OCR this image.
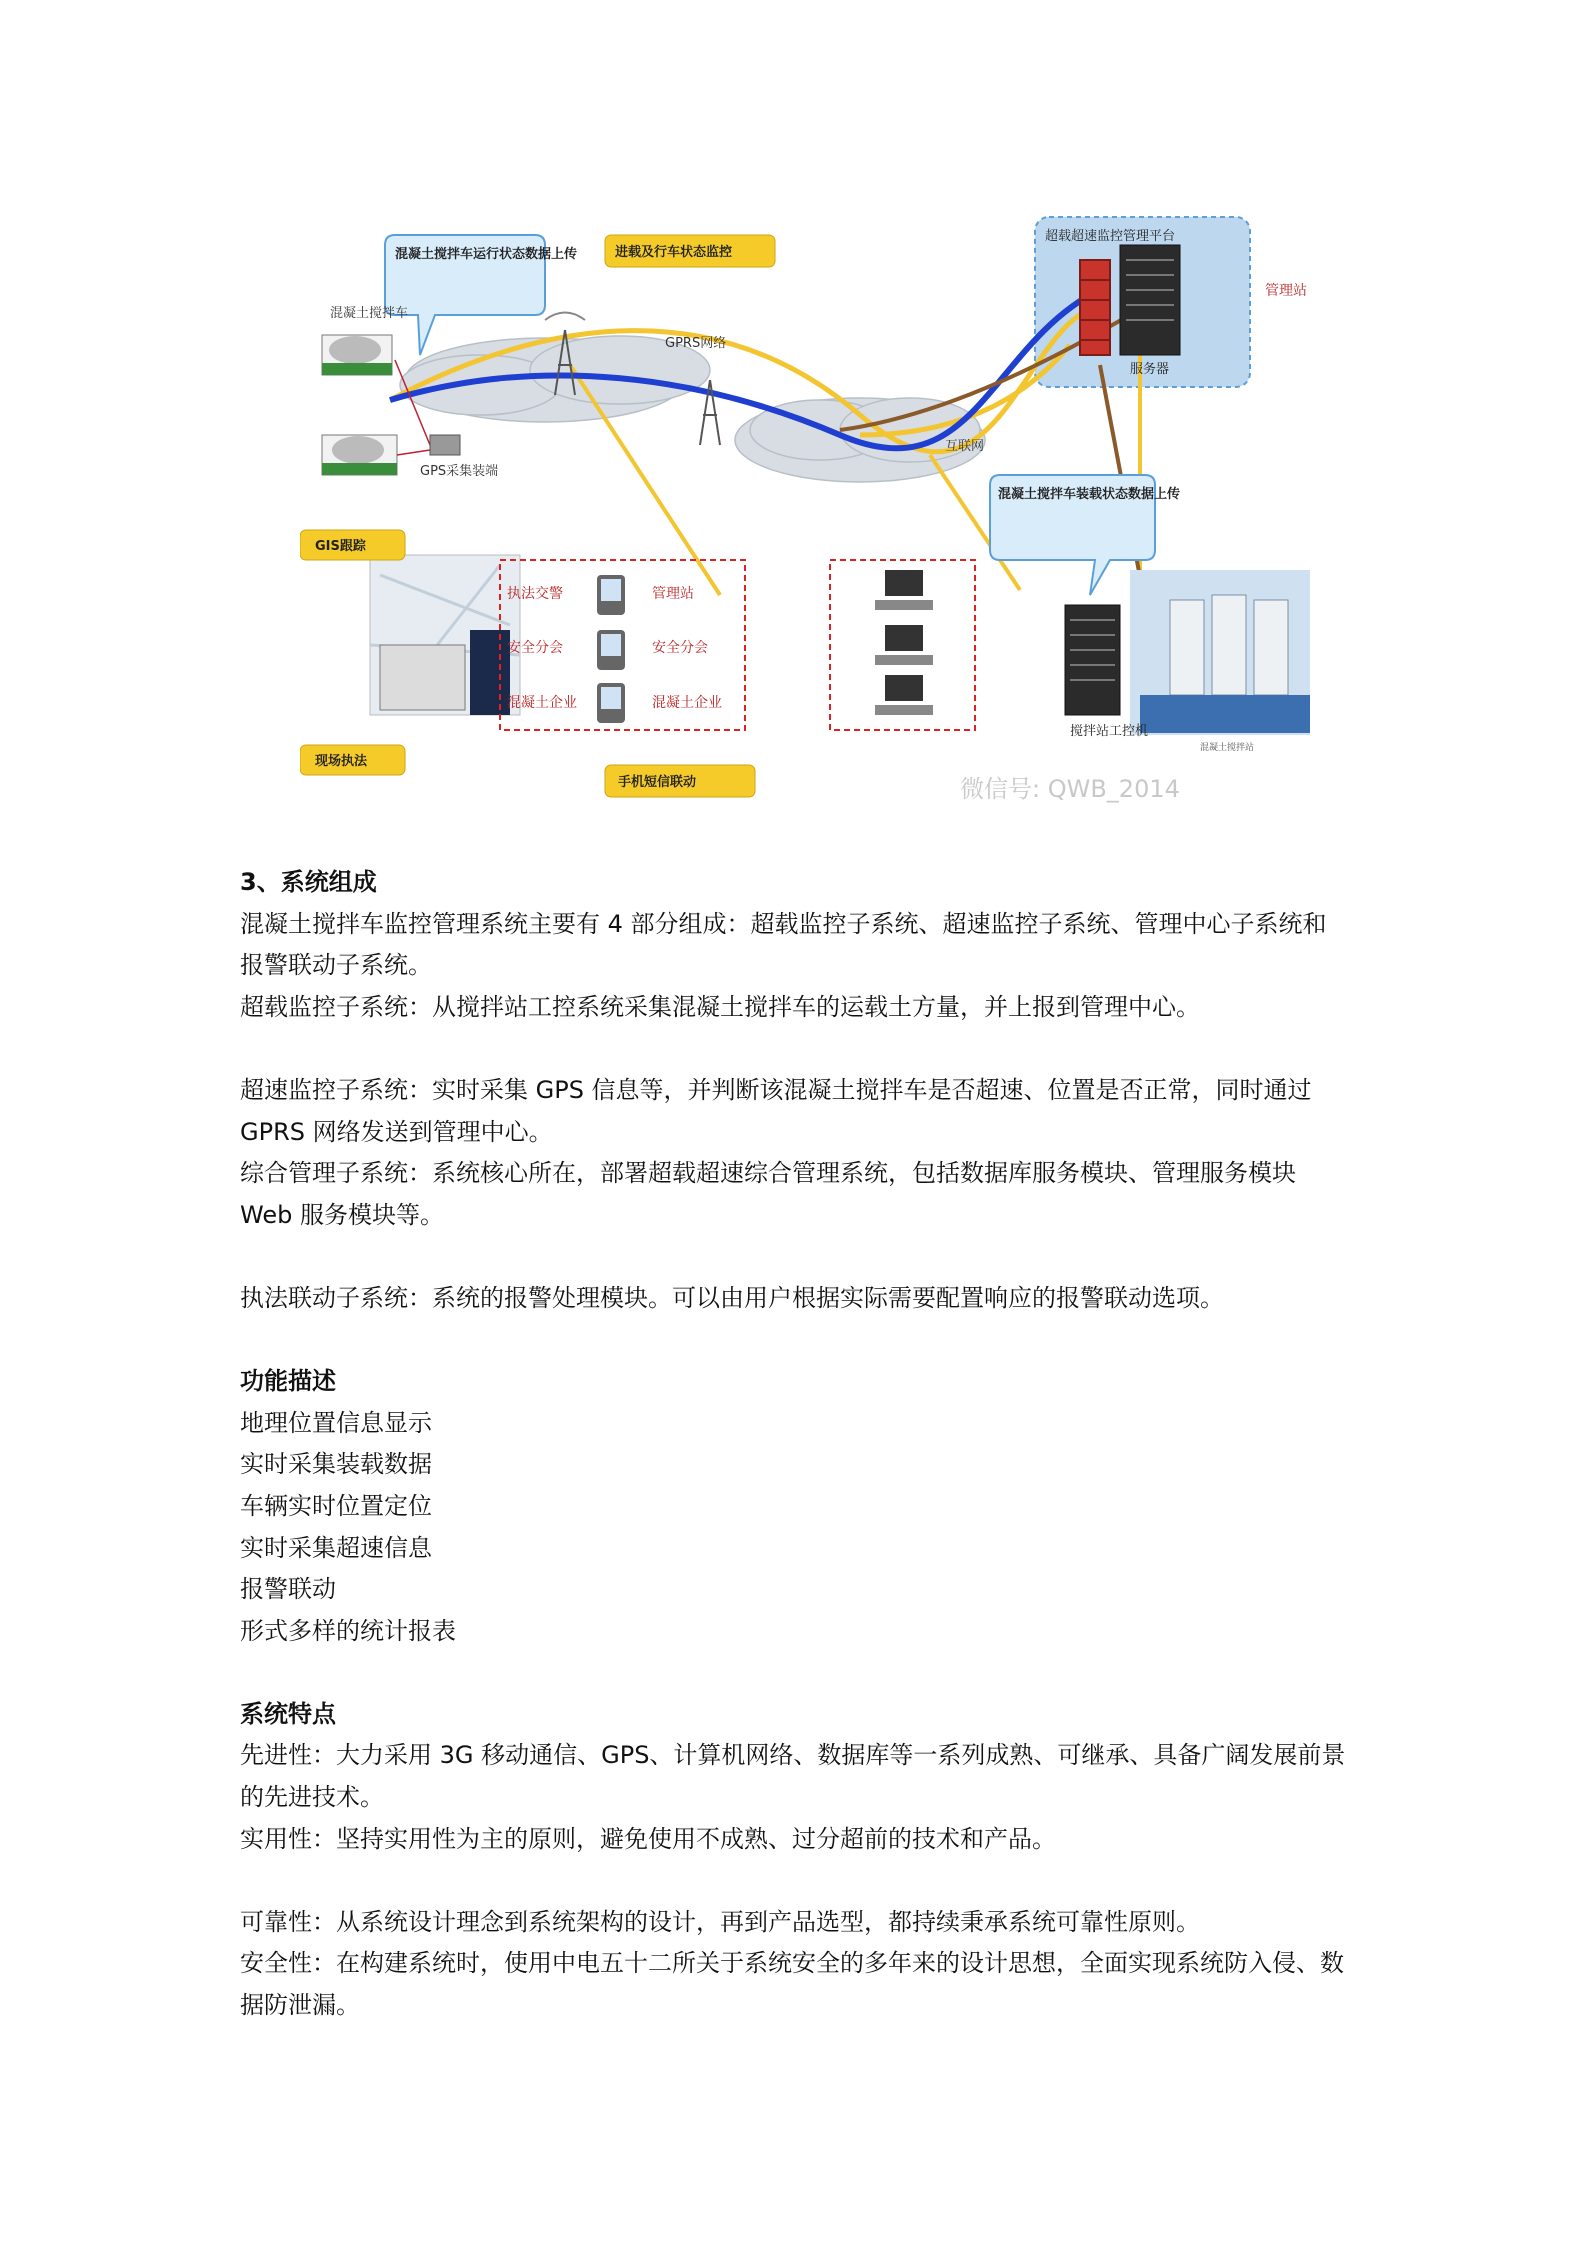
执法交警
安全分会
混凝土企业
管理站
安全分会
混凝土企业
混凝土搅拌车运行状态数据上传	进载及行车状态监控
GIS跟踪
现场执法
手机短信联动
混凝土搅拌车装载状态数据上传
混凝土搅拌车
GPS采集装端
GPRS网络
互联网
超载超速监控管理平台
服务器
管理站
搅拌站工控机
混凝土搅拌站
微信号: QWB_2014

3、系统组成

混凝土搅拌车监控管理系统主要有 4 部分组成：超载监控子系统、超速监控子系统、管理中心子系统和报警联动子系统。

超载监控子系统：从搅拌站工控系统采集混凝土搅拌车的运载土方量，并上报到管理中心。

超速监控子系统：实时采集 GPS 信息等，并判断该混凝土搅拌车是否超速、位置是否正常，同时通过 GPRS 网络发送到管理中心。

综合管理子系统：系统核心所在，部署超载超速综合管理系统，包括数据库服务模块、管理服务模块 Web 服务模块等。

执法联动子系统：系统的报警处理模块。可以由用户根据实际需要配置响应的报警联动选项。

功能描述

地理位置信息显示

实时采集装载数据

车辆实时位置定位

实时采集超速信息

报警联动

形式多样的统计报表

系统特点

先进性：大力采用 3G 移动通信、GPS、计算机网络、数据库等一系列成熟、可继承、具备广阔发展前景的先进技术。

实用性：坚持实用性为主的原则，避免使用不成熟、过分超前的技术和产品。

可靠性：从系统设计理念到系统架构的设计，再到产品选型，都持续秉承系统可靠性原则。

安全性：在构建系统时，使用中电五十二所关于系统安全的多年来的设计思想，全面实现系统防入侵、数据防泄漏。
